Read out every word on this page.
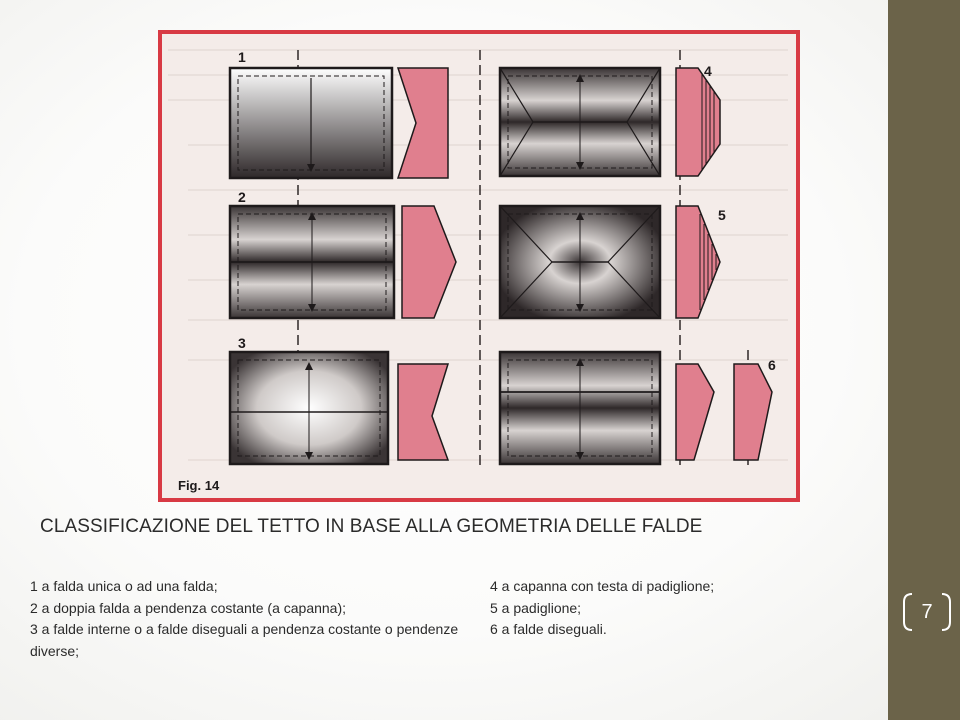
7
1
2
3
4
5
6
Fig. 14
CLASSIFICAZIONE DEL TETTO IN BASE ALLA GEOMETRIA DELLE FALDE
1 a falda unica o ad una falda;
2 a doppia falda a pendenza costante (a capanna);
3 a falde interne o a falde diseguali a pendenza costante o pendenze diverse;
4 a capanna con testa di padiglione;
5 a padiglione;
6 a falde diseguali.
